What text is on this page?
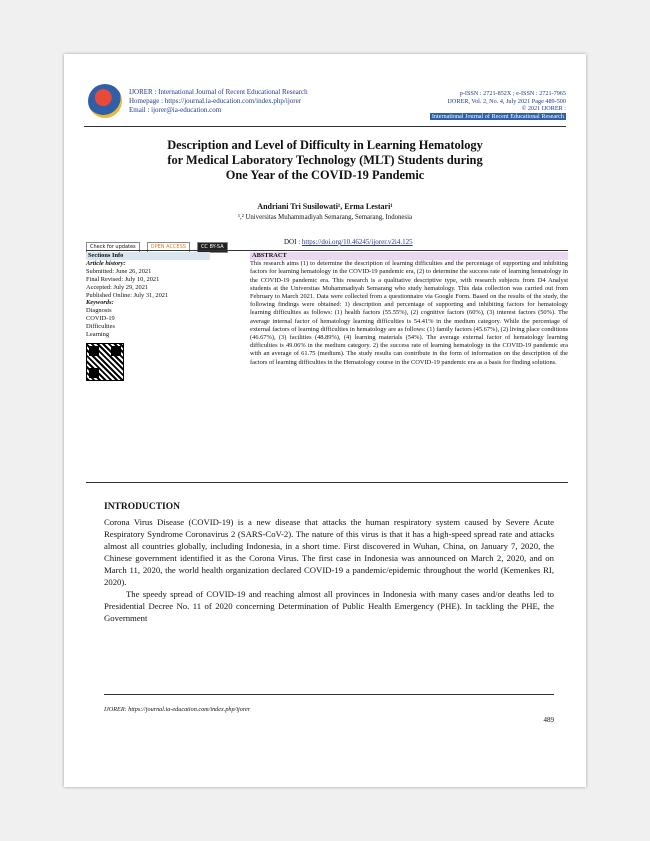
IJORER : International Journal of Recent Educational Research
Homepage : https://journal.ia-education.com/index.php/ijorer
Email : ijorer@ia-education.com
p-ISSN : 2721-852X ; e-ISSN : 2721-7965
IJORER, Vol. 2, No. 4, July 2021 Page 489-500
© 2021 IJORER :
International Journal of Recent Educational Research
Description and Level of Difficulty in Learning Hematology
for Medical Laboratory Technology (MLT) Students during
One Year of the COVID-19 Pandemic
Andriani Tri Susilowati¹, Erma Lestari¹
¹,² Universitas Muhammadiyah Semarang, Semarang, Indonesia
Check for updates	OPEN ACCESS	CC BY-SA
DOI : https://doi.org/10.46245/ijorer.v2i4.125
Sections Info
Article history:
Submitted: June 26, 2021
Final Revised: July 10, 2021
Accepted: July 29, 2021
Published Online: July 31, 2021
Keywords:
Diagnosis
COVID-19
Difficulties
Learning
ABSTRACT
This research aims (1) to determine the description of learning difficulties and the percentage of supporting and inhibiting factors for learning hematology in the COVID-19 pandemic era, (2) to determine the success rate of learning hematology in the COVID-19 pandemic era. This research is a qualitative descriptive type, with research subjects from D4 Analyst students at the Universitas Muhammadiyah Semarang who study hematology. This data collection was carried out from February to March 2021. Data were collected from a questionnaire via Google Form. Based on the results of the study, the following findings were obtained: 1) description and percentage of supporting and inhibiting factors for hematology learning difficulties as follows: (1) health factors (55.55%), (2) cognitive factors (60%), (3) interest factors (50%). The average internal factor of hematology learning difficulties is 54.41% in the medium category. While the percentage of external factors of learning difficulties in hematology are as follows: (1) family factors (45.67%), (2) living place conditions (46.67%), (3) facilities (48.89%), (4) learning materials (54%). The average external factor of hematology learning difficulties is 49.06% in the medium category. 2) the success rate of learning hematology in the COVID-19 pandemic era with an average of 61.75 (medium). The study results can contribute in the form of information on the description of the factors of learning difficulties in the Hematology course in the COVID-19 pandemic era as a basis for finding solutions.
INTRODUCTION

Corona Virus Disease (COVID-19) is a new disease that attacks the human respiratory system caused by Severe Acute Respiratory Syndrome Coronavirus 2 (SARS-CoV-2). The nature of this virus is that it has a high-speed spread rate and attacks almost all countries globally, including Indonesia, in a short time. First discovered in Wuhan, China, on January 7, 2020, the Chinese government identified it as the Corona Virus. The first case in Indonesia was announced on March 2, 2020, and on March 11, 2020, the world health organization declared COVID-19 a pandemic/epidemic throughout the world (Kemenkes RI, 2020).

The speedy spread of COVID-19 and reaching almost all provinces in Indonesia with many cases and/or deaths led to Presidential Decree No. 11 of 2020 concerning Determination of Public Health Emergency (PHE). In tackling the PHE, the Government

IJORER: https://journal.ia-education.com/index.php/ijorer
489
